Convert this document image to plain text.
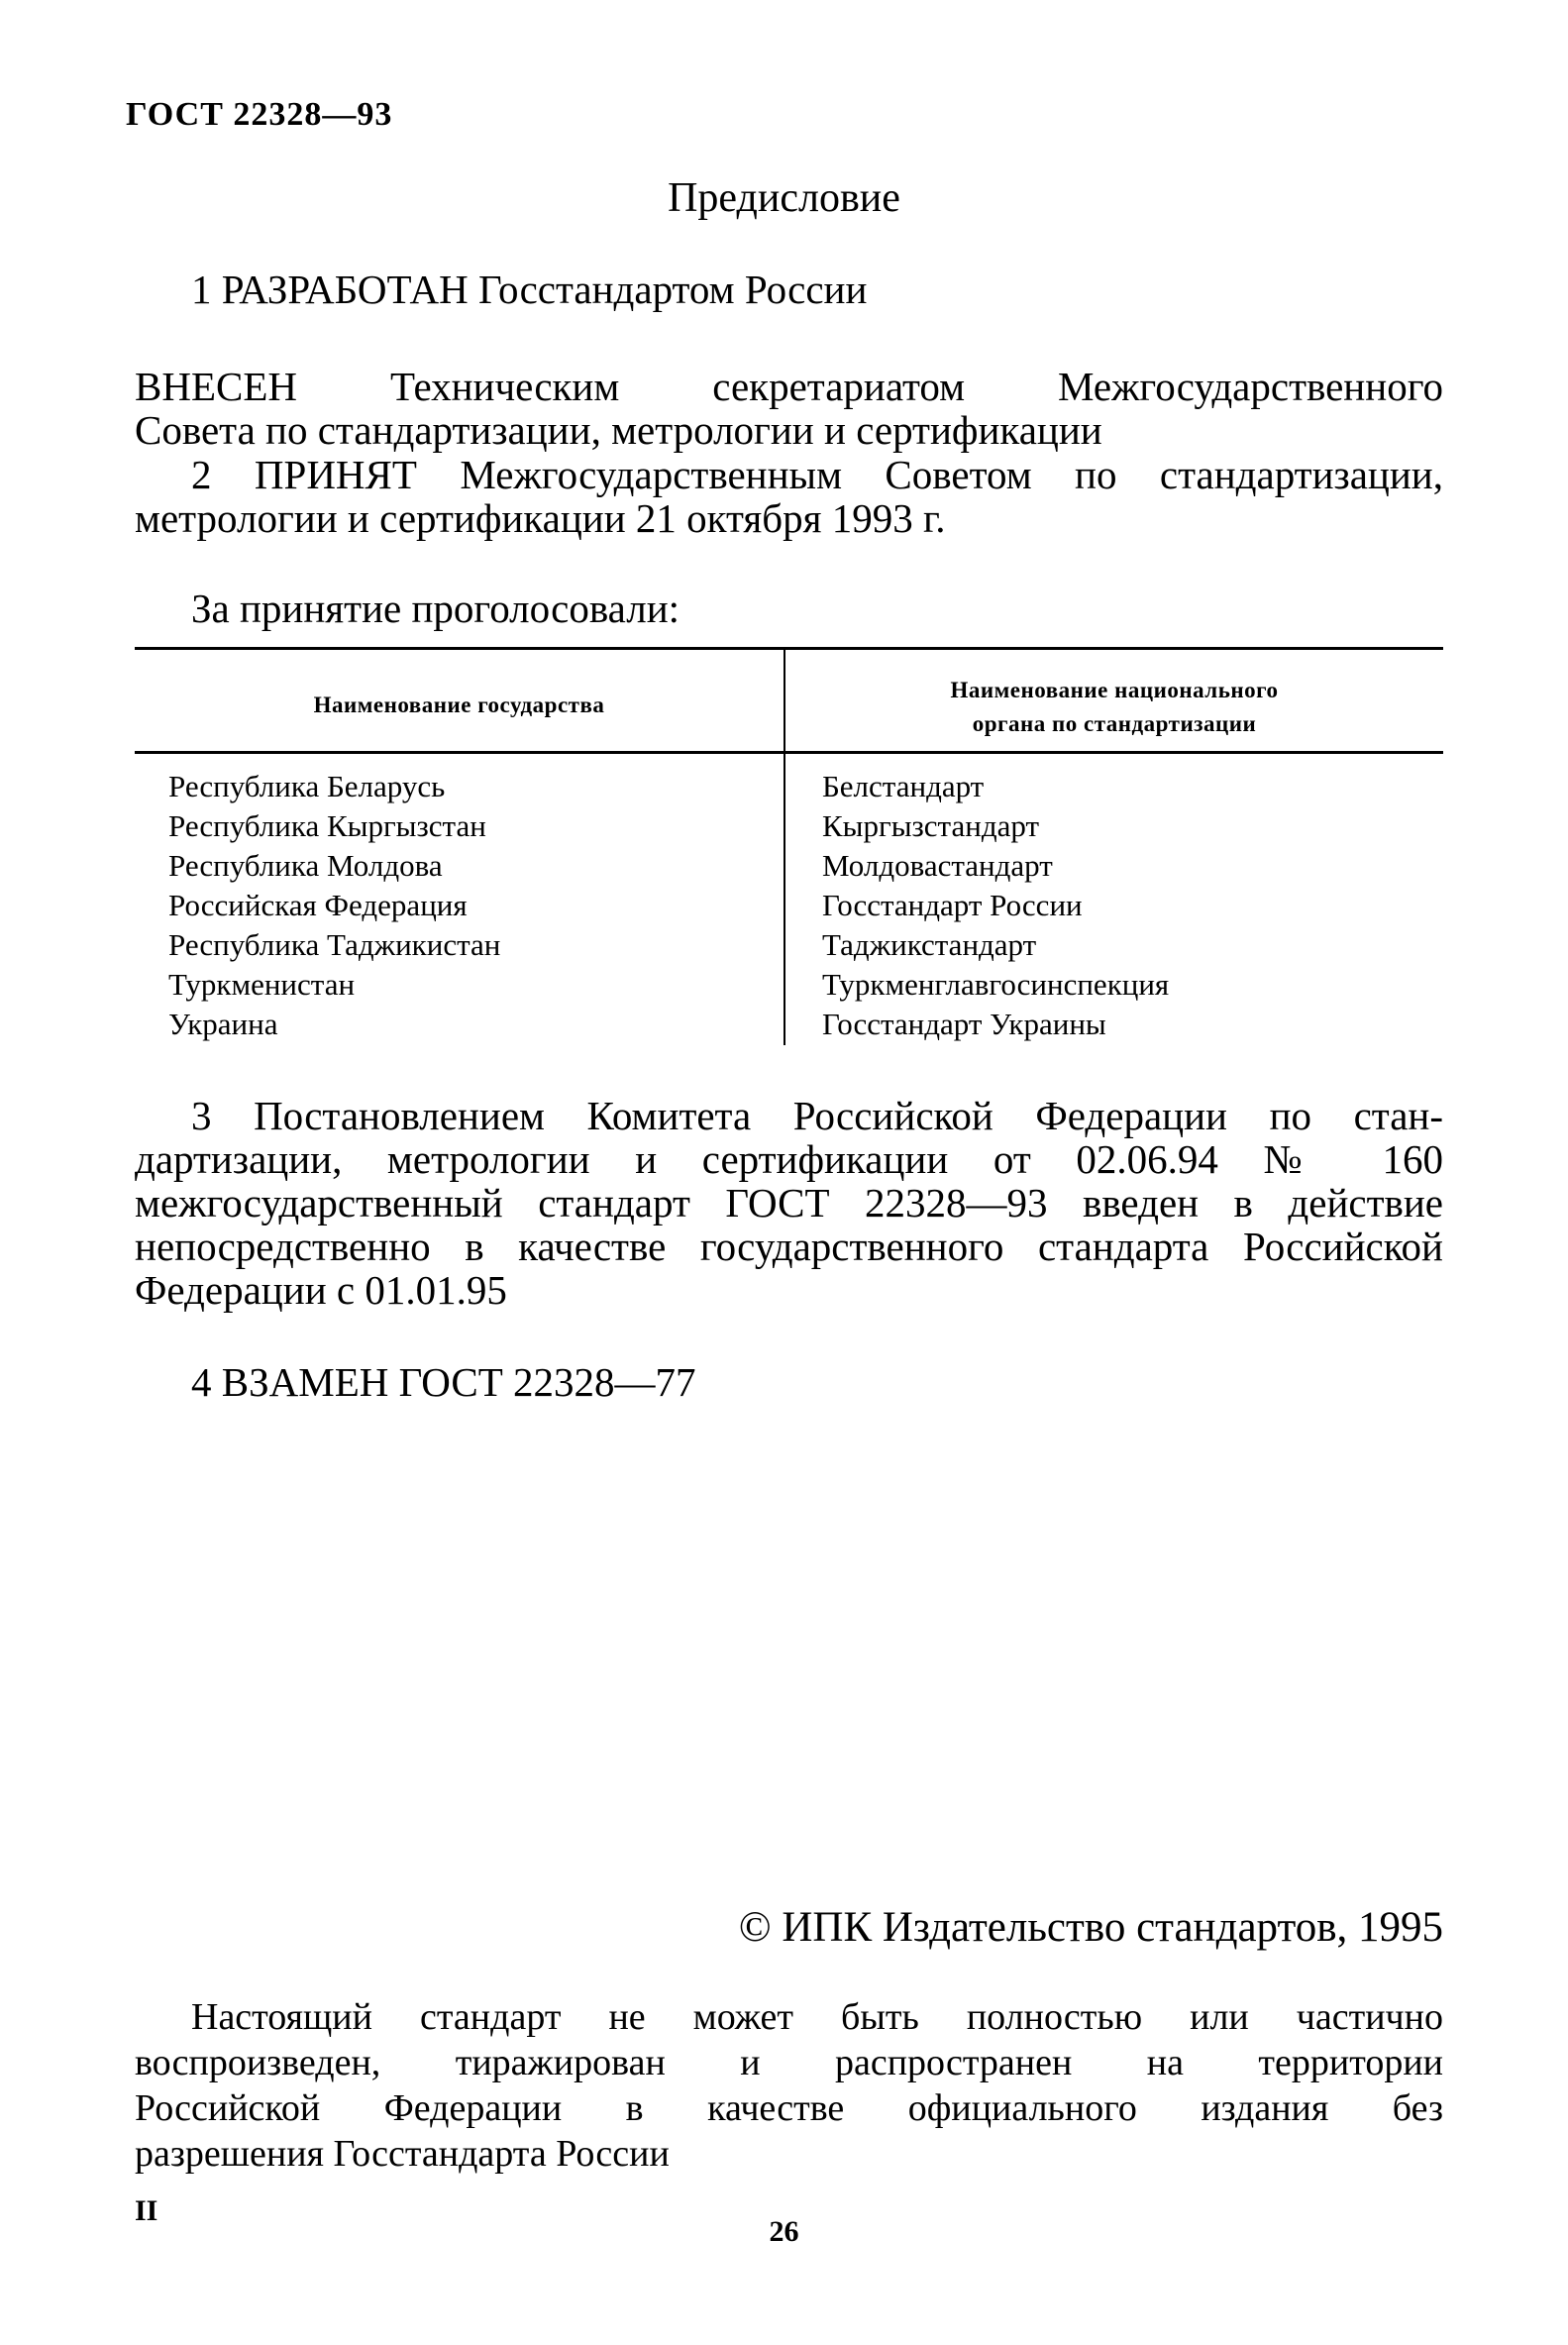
ГОСТ 22328—93
Предисловие
1 РАЗРАБОТАН Госстандартом России
ВНЕСЕН Техническим секретариатом Межгосударственного
Совета по стандартизации, метрологии и сертификации
2 ПРИНЯТ Межгосударственным Советом по стандартизации,
метрологии и сертификации 21 октября 1993 г.
За принятие проголосовали:
Наименование государства
Наименование национального
органа по стандартизации
Республика Беларусь
Республика Кыргызстан
Республика Молдова
Российская Федерация
Республика Таджикистан
Туркменистан
Украина
Белстандарт
Кыргызстандарт
Молдовастандарт
Госстандарт России
Таджикстандарт
Туркменглавгосинспекция
Госстандарт Украины
3 Постановлением Комитета Российской Федерации по стан-
дартизации, метрологии и сертификации от 02.06.94 № 160
межгосударственный стандарт ГОСТ 22328—93 введен в действие
непосредственно в качестве государственного стандарта Российской
Федерации с 01.01.95
4 ВЗАМЕН ГОСТ 22328—77
© ИПК Издательство стандартов, 1995
Настоящий стандарт не может быть полностью или частично
воспроизведен, тиражирован и распространен на территории
Российской Федерации в качестве официального издания без
разрешения Госстандарта России
II
26
